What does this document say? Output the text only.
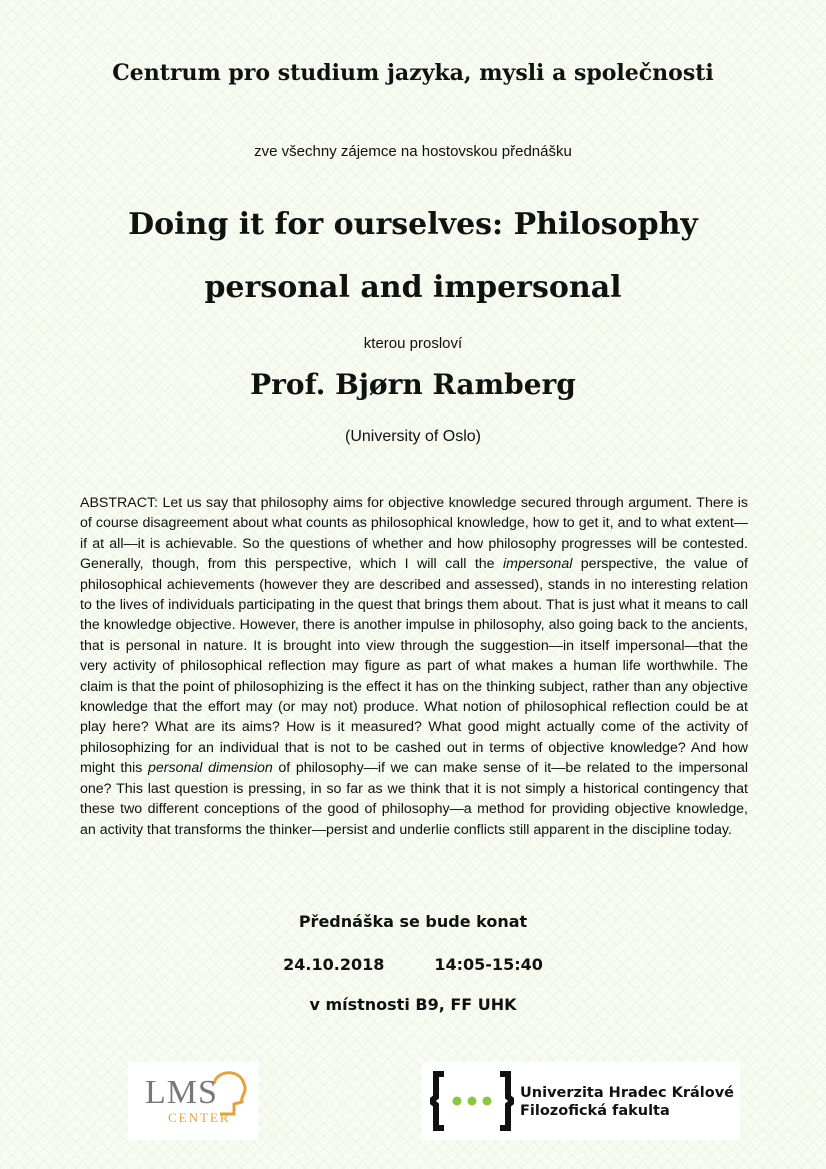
Centrum pro studium jazyka, mysli a společnosti
zve všechny zájemce na hostovskou přednášku
Doing it for ourselves: Philosophy
personal and impersonal
kterou prosloví
Prof. Bjørn Ramberg
(University of Oslo)

ABSTRACT: Let us say that philosophy aims for objective knowledge secured through argument. There is of course disagreement about what counts as philosophical knowledge, how to get it, and to what extent—if at all—it is achievable. So the questions of whether and how philosophy progresses will be contested. Generally, though, from this perspective, which I will call the impersonal perspective, the value of philosophical achievements (however they are described and assessed), stands in no interesting relation to the lives of individuals participating in the quest that brings them about. That is just what it means to call the knowledge objective. However, there is another impulse in philosophy, also going back to the ancients, that is personal in nature. It is brought into view through the suggestion—in itself impersonal—that the very activity of philosophical reflection may figure as part of what makes a human life worthwhile. The claim is that the point of philosophizing is the effect it has on the thinking subject, rather than any objective knowledge that the effort may (or may not) produce. What notion of philosophical reflection could be at play here? What are its aims? How is it measured? What good might actually come of the activity of philosophizing for an individual that is not to be cashed out in terms of objective knowledge? And how might this personal dimension of philosophy—if we can make sense of it—be related to the impersonal one? This last question is pressing, in so far as we think that it is not simply a historical contingency that these two different conceptions of the good of philosophy—a method for providing objective knowledge, an activity that transforms the thinker—persist and underlie conflicts still apparent in the discipline today.

Přednáška se bude konat
24.10.2018	14:05-15:40
v místnosti B9, FF UHK
LMS
CENTER
Univerzita Hradec Králové
Filozofická fakulta
